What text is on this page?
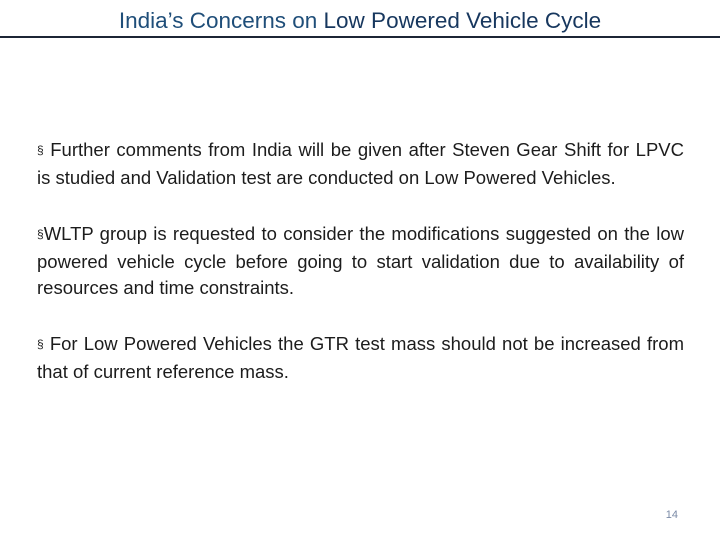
India’s Concerns on Low Powered Vehicle Cycle
§ Further comments from India will be given after Steven Gear Shift for LPVC is studied and Validation test are conducted on Low Powered Vehicles.
§WLTP group is requested to consider the modifications suggested on the low powered vehicle cycle before going to start validation due to availability of resources and time constraints.
§ For Low Powered Vehicles the GTR test mass should not be increased from that of current reference mass.
14
